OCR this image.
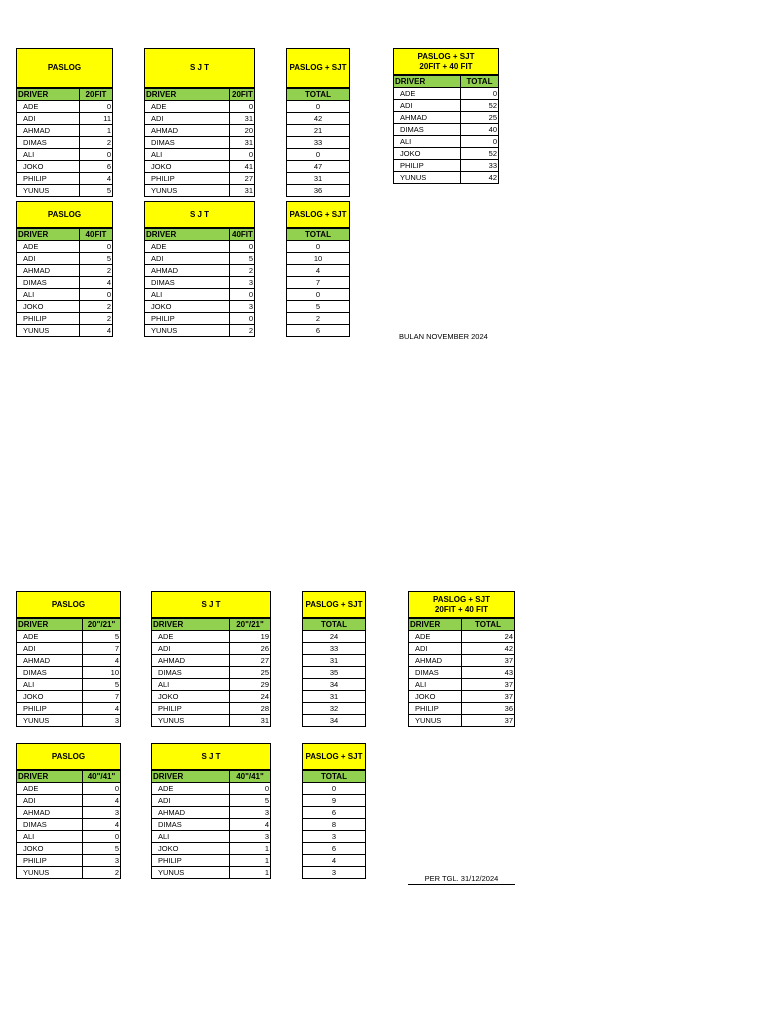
PASLOG
DRIVER	20FIT
ADE	0
ADI	11
AHMAD	1
DIMAS	2
ALI	0
JOKO	6
PHILIP	4
YUNUS	5
S J T
DRIVER	20FIT
ADE	0
ADI	31
AHMAD	20
DIMAS	31
ALI	0
JOKO	41
PHILIP	27
YUNUS	31
PASLOG + SJT
TOTAL
0
42
21
33
0
47
31
36
PASLOG + SJT
20FIT + 40 FIT
DRIVER	TOTAL
ADE	0
ADI	52
AHMAD	25
DIMAS	40
ALI	0
JOKO	52
PHILIP	33
YUNUS	42
PASLOG
DRIVER	40FIT
ADE	0
ADI	5
AHMAD	2
DIMAS	4
ALI	0
JOKO	2
PHILIP	2
YUNUS	4
S J T
DRIVER	40FIT
ADE	0
ADI	5
AHMAD	2
DIMAS	3
ALI	0
JOKO	3
PHILIP	0
YUNUS	2
PASLOG + SJT
TOTAL
0
10
4
7
0
5
2
6
BULAN NOVEMBER 2024
PASLOG
DRIVER	20"/21"
ADE	5
ADI	7
AHMAD	4
DIMAS	10
ALI	5
JOKO	7
PHILIP	4
YUNUS	3
S J T
DRIVER	20"/21"
ADE	19
ADI	26
AHMAD	27
DIMAS	25
ALI	29
JOKO	24
PHILIP	28
YUNUS	31
PASLOG + SJT
TOTAL
24
33
31
35
34
31
32
34
PASLOG + SJT
20FIT + 40 FIT
DRIVER	TOTAL
ADE	24
ADI	42
AHMAD	37
DIMAS	43
ALI	37
JOKO	37
PHILIP	36
YUNUS	37
PASLOG
DRIVER	40"/41"
ADE	0
ADI	4
AHMAD	3
DIMAS	4
ALI	0
JOKO	5
PHILIP	3
YUNUS	2
S J T
DRIVER	40"/41"
ADE	0
ADI	5
AHMAD	3
DIMAS	4
ALI	3
JOKO	1
PHILIP	1
YUNUS	1
PASLOG + SJT
TOTAL
0
9
6
8
3
6
4
3
PER TGL. 31/12/2024
